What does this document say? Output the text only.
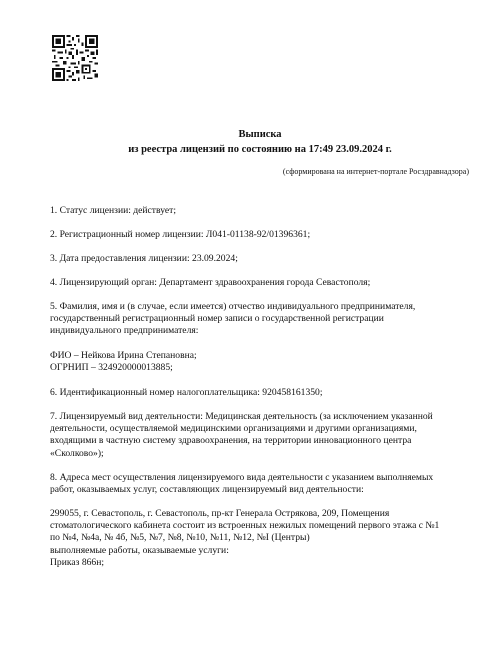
Выписка
из реестра лицензий по состоянию на 17:49 23.09.2024 г.
(сформирована на интернет-портале Росздравнадзора)
1. Статус лицензии: действует;
2. Регистрационный номер лицензии: Л041-01138-92/01396361;
3. Дата предоставления лицензии: 23.09.2024;
4. Лицензирующий орган: Департамент здравоохранения города Севастополя;
5. Фамилия, имя и (в случае, если имеется) отчество индивидуального предпринимателя,
государственный регистрационный номер записи о государственной регистрации
индивидуального предпринимателя:
ФИО – Нейкова Ирина Степановна;
ОГРНИП – 324920000013885;
6. Идентификационный номер налогоплательщика: 920458161350;
7. Лицензируемый вид деятельности: Медицинская деятельность (за исключением указанной
деятельности, осуществляемой медицинскими организациями и другими организациями,
входящими в частную систему здравоохранения, на территории инновационного центра
«Сколково»);
8. Адреса мест осуществления лицензируемого вида деятельности с указанием выполняемых
работ, оказываемых услуг, составляющих лицензируемый вид деятельности:
299055, г. Севастополь, г. Севастополь, пр-кт Генерала Острякова, 209, Помещения
стоматологического кабинета состоит из встроенных нежилых помещений первого этажа с №1
по №4, №4а, № 4б, №5, №7, №8, №10, №11, №12, №I (Центры)
выполняемые работы, оказываемые услуги:
Приказ 866н;
